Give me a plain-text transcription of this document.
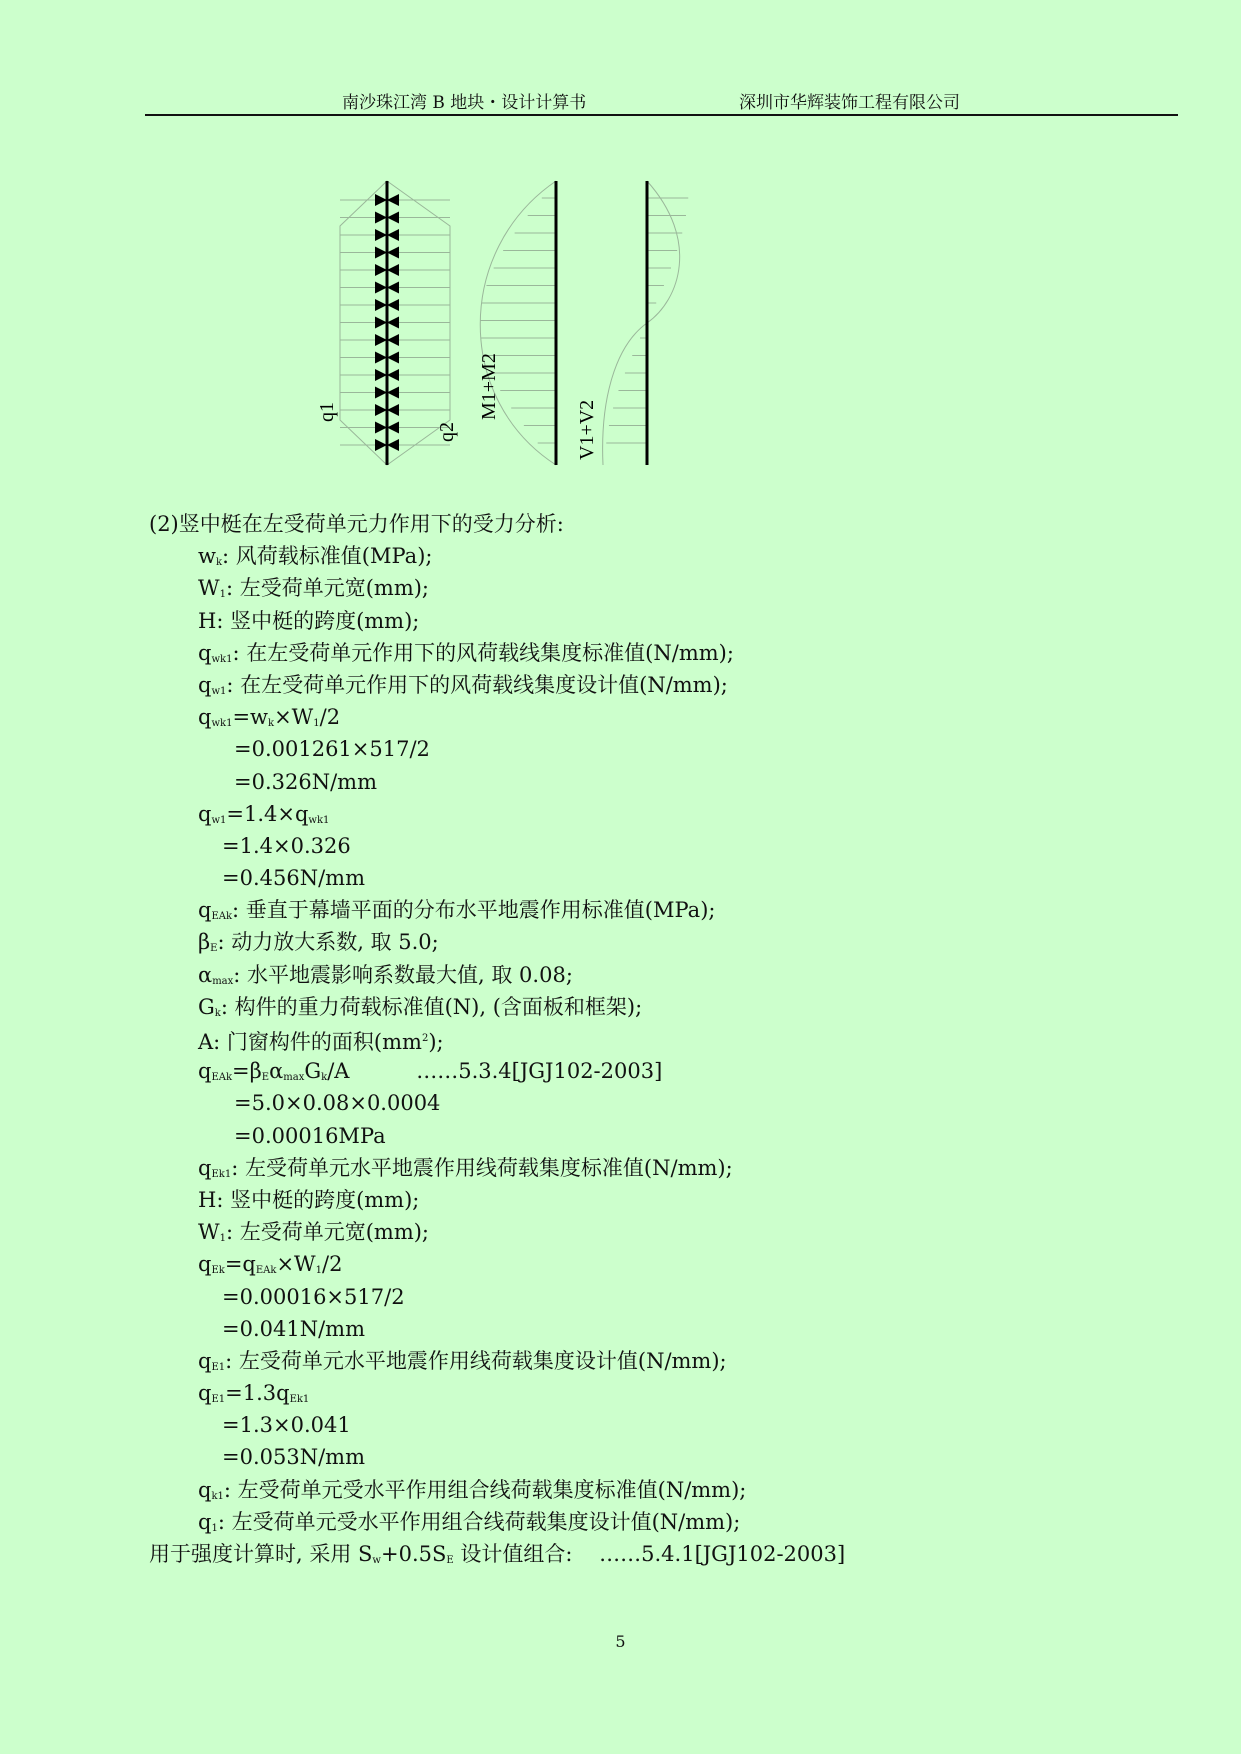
南沙珠江湾 B 地块・设计计算书	深圳市华辉装饰工程有限公司
q1
q2
M1+M2
V1+V2
(2)竖中梃在左受荷单元力作用下的受力分析:
$w_k$: 风荷载标准值(MPa);
$W_1$: 左受荷单元宽(mm);
H: 竖中梃的跨度(mm);
$q_{wk1}$: 在左受荷单元作用下的风荷载线集度标准值(N/mm);
$q_{w1}$: 在左受荷单元作用下的风荷载线集度设计值(N/mm);
$q_{wk1}=w_k\times W_1/2$
=0.001261×517/2
=0.326N/mm
$q_{w1}=1.4\times q_{wk1}$
=1.4×0.326
=0.456N/mm
$q_{EAk}$: 垂直于幕墙平面的分布水平地震作用标准值(MPa);
$\beta_E$: 动力放大系数, 取 5.0;
$\alpha_{max}$: 水平地震影响系数最大值, 取 0.08;
$G_k$: 构件的重力荷载标准值(N), (含面板和框架);
A: 门窗构件的面积$(mm^2)$;
$q_{EAk}=\beta_E\alpha_{max}G_k/A$          ……5.3.4[JGJ102-2003]
=5.0×0.08×0.0004
=0.00016MPa
$q_{Ek1}$: 左受荷单元水平地震作用线荷载集度标准值(N/mm);
H: 竖中梃的跨度(mm);
$W_1$: 左受荷单元宽(mm);
$q_{Ek}=q_{EAk}\times W_1/2$
=0.00016×517/2
=0.041N/mm
$q_{E1}$: 左受荷单元水平地震作用线荷载集度设计值(N/mm);
$q_{E1}=1.3q_{Ek1}$
=1.3×0.041
=0.053N/mm
$q_{k1}$: 左受荷单元受水平作用组合线荷载集度标准值(N/mm);
$q_1$: 左受荷单元受水平作用组合线荷载集度设计值(N/mm);
用于强度计算时, 采用 $S_w+0.5S_E$ 设计值组合:    ……5.4.1[JGJ102-2003]
5
